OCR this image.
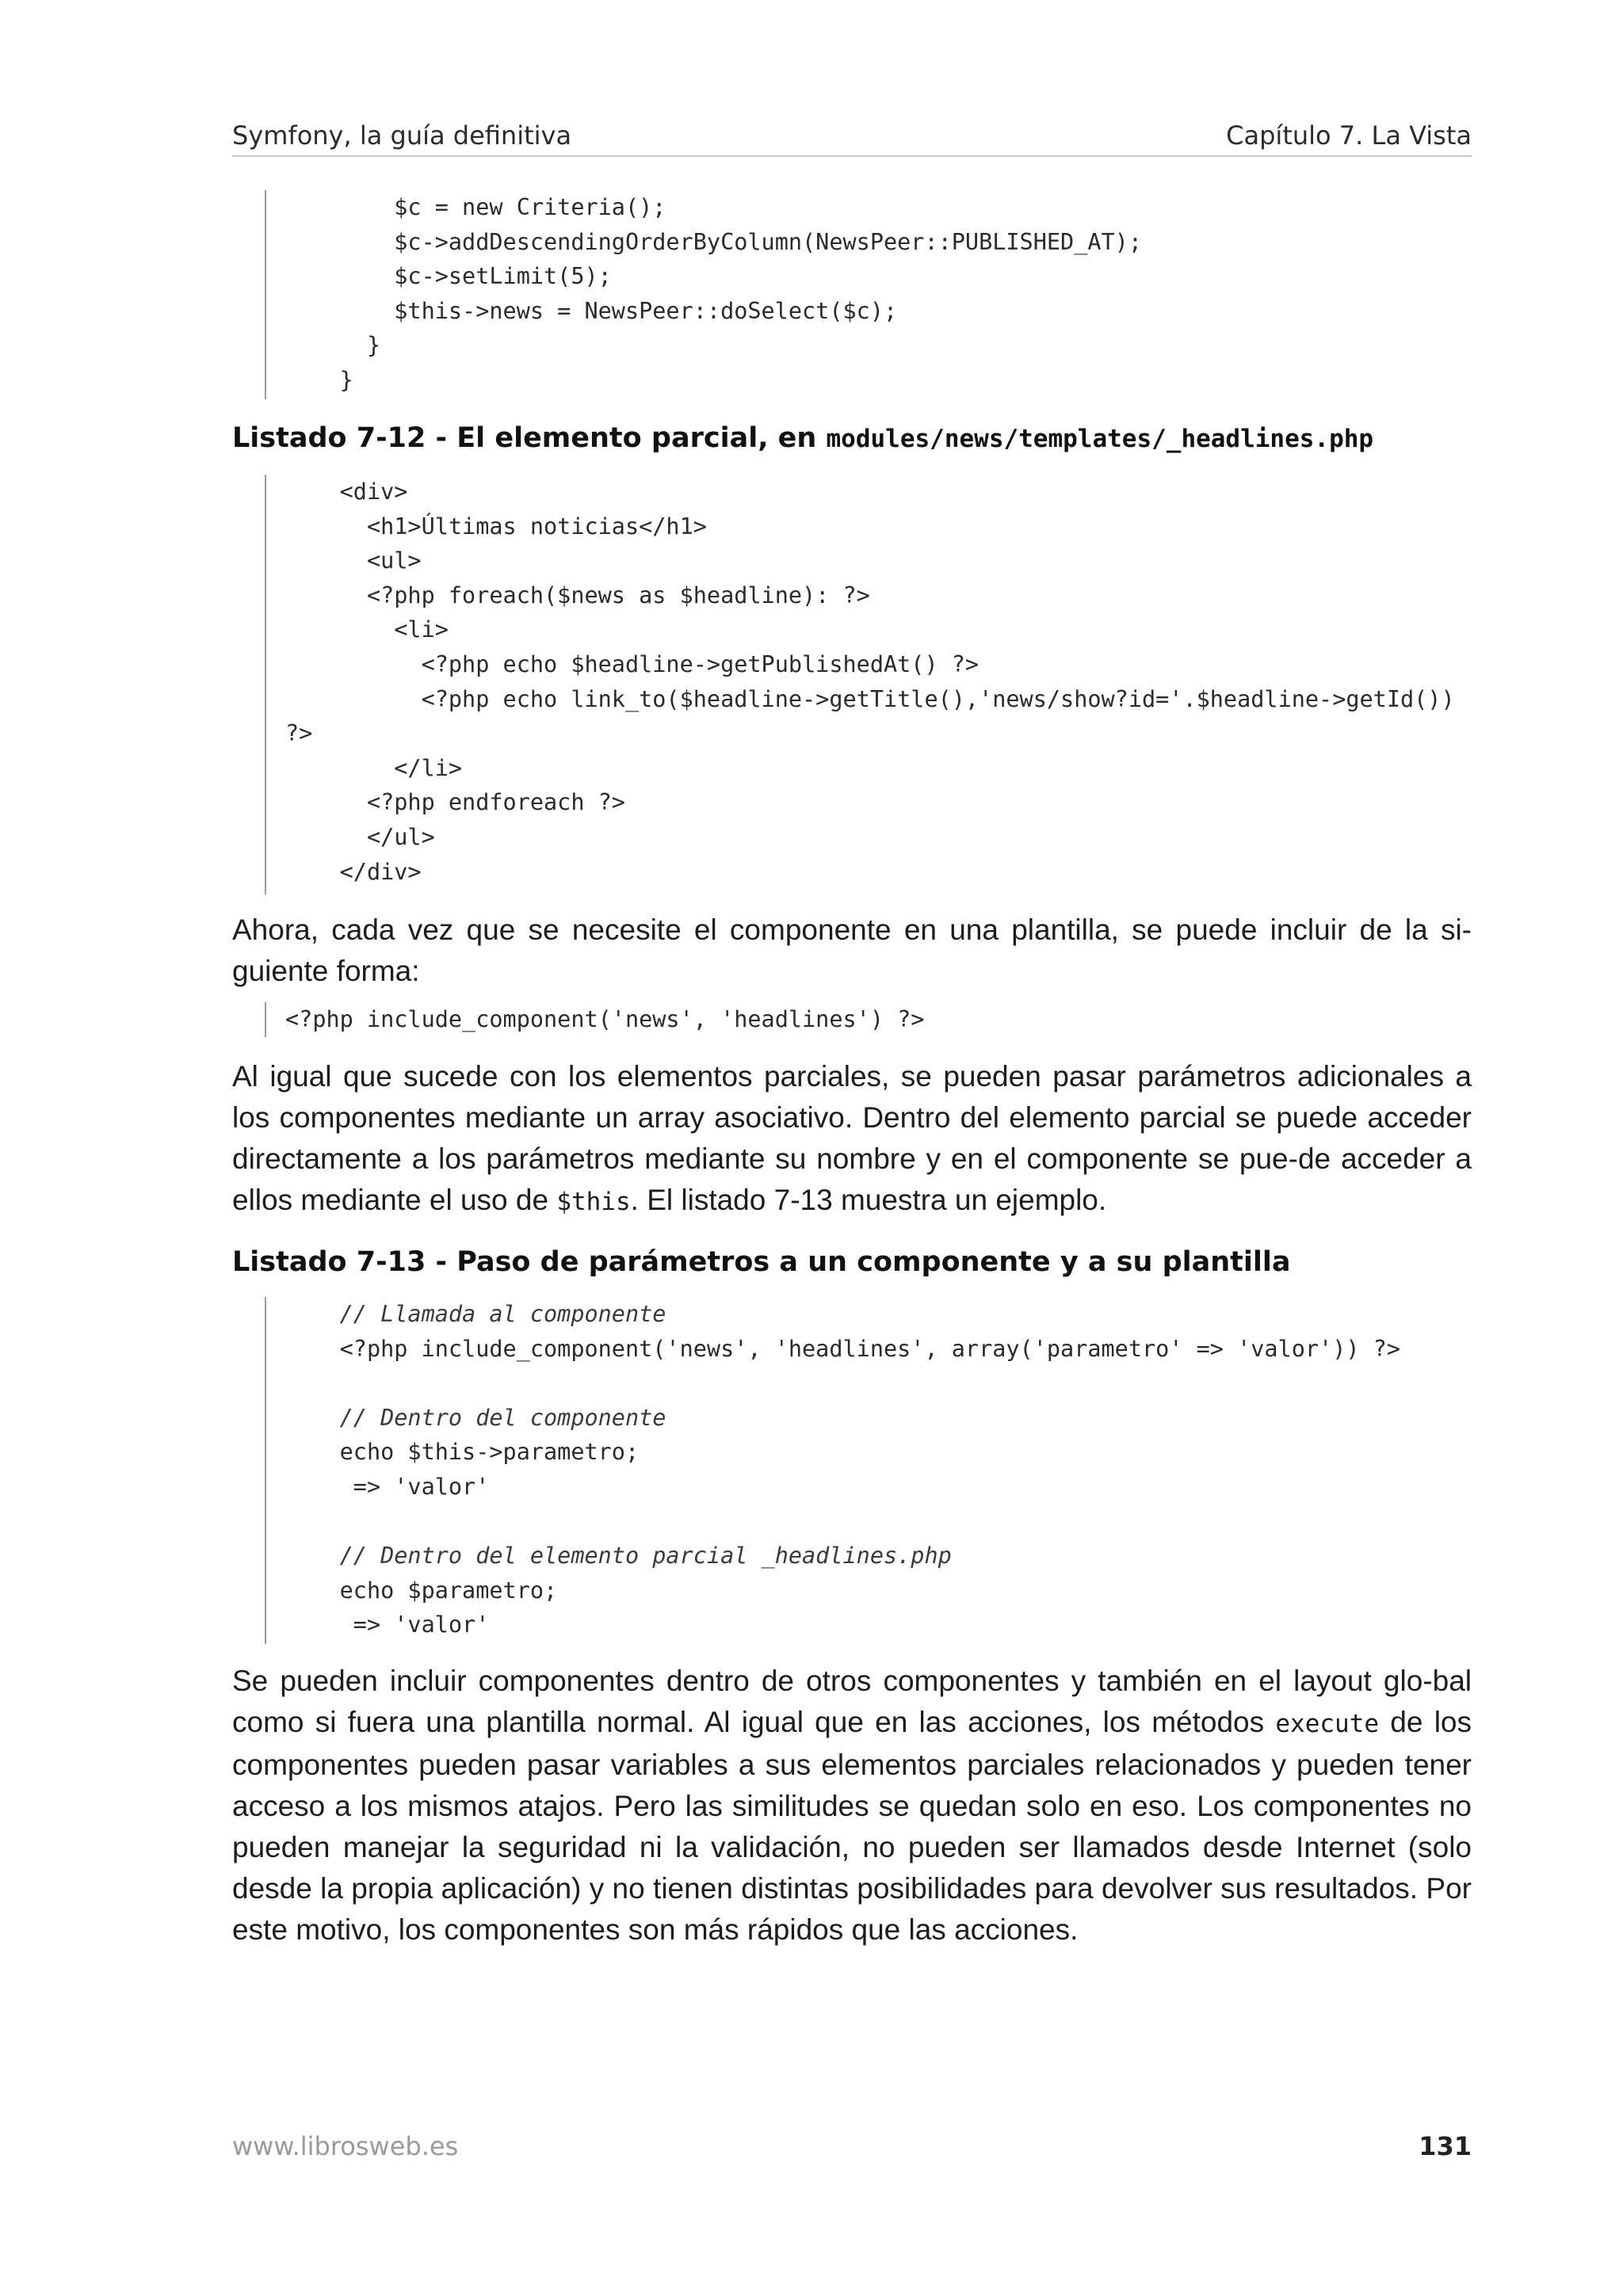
Symfony, la guía definitiva	Capítulo 7. La Vista
$c = new Criteria();
$c->addDescendingOrderByColumn(NewsPeer::PUBLISHED_AT);
$c->setLimit(5);
$this->news = NewsPeer::doSelect($c);
}
}
Listado 7-12 - El elemento parcial, en modules/news/templates/_headlines.php
<div>
<h1>Últimas noticias</h1>
<ul>
<?php foreach($news as $headline): ?>
<li>
<?php echo $headline->getPublishedAt() ?>
<?php echo link_to($headline->getTitle(),'news/show?id='.$headline->getId())
?>
</li>
<?php endforeach ?>
</ul>
</div>

Ahora, cada vez que se necesite el componente en una plantilla, se puede incluir de la si-guiente forma:

<?php include_component('news', 'headlines') ?>

Al igual que sucede con los elementos parciales, se pueden pasar parámetros adicionales a los componentes mediante un array asociativo. Dentro del elemento parcial se puede acceder directamente a los parámetros mediante su nombre y en el componente se pue-de acceder a ellos mediante el uso de $this. El listado 7-13 muestra un ejemplo.

Listado 7-13 - Paso de parámetros a un componente y a su plantilla
// Llamada al componente
<?php include_component('news', 'headlines', array('parametro' => 'valor')) ?>
// Dentro del componente
echo $this->parametro;
=> 'valor'
// Dentro del elemento parcial _headlines.php
echo $parametro;
=> 'valor'

Se pueden incluir componentes dentro de otros componentes y también en el layout glo-bal como si fuera una plantilla normal. Al igual que en las acciones, los métodos execute de los componentes pueden pasar variables a sus elementos parciales relacionados y pueden tener acceso a los mismos atajos. Pero las similitudes se quedan solo en eso. Los componentes no pueden manejar la seguridad ni la validación, no pueden ser llamados desde Internet (solo desde la propia aplicación) y no tienen distintas posibilidades para devolver sus resultados. Por este motivo, los componentes son más rápidos que las acciones.

www.librosweb.es	131
